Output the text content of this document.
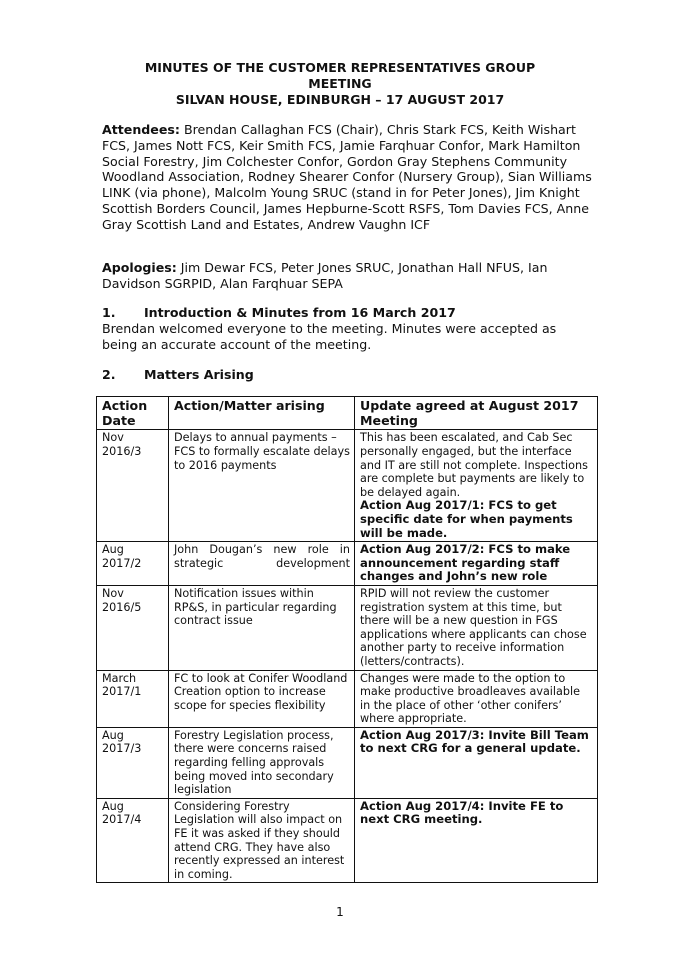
MINUTES OF THE CUSTOMER REPRESENTATIVES GROUP
MEETING
SILVAN HOUSE, EDINBURGH – 17 AUGUST 2017
Attendees: Brendan Callaghan FCS (Chair), Chris Stark FCS, Keith Wishart FCS, James Nott FCS, Keir Smith FCS, Jamie Farqhuar Confor, Mark Hamilton Social Forestry, Jim Colchester Confor, Gordon Gray Stephens Community Woodland Association, Rodney Shearer Confor (Nursery Group), Sian Williams LINK (via phone), Malcolm Young SRUC (stand in for Peter Jones), Jim Knight Scottish Borders Council, James Hepburne-Scott RSFS, Tom Davies FCS, Anne Gray Scottish Land and Estates, Andrew Vaughn ICF
Apologies: Jim Dewar FCS, Peter Jones SRUC, Jonathan Hall NFUS, Ian Davidson SGRPID, Alan Farqhuar SEPA
1. Introduction & Minutes from 16 March 2017
Brendan welcomed everyone to the meeting. Minutes were accepted as being an accurate account of the meeting.
2. Matters Arising
Action Date	Action/Matter arising	Update agreed at August 2017 Meeting
Nov 2016/3	Delays to annual payments – FCS to formally escalate delays to 2016 payments	This has been escalated, and Cab Sec personally engaged, but the interface and IT are still not complete. Inspections are complete but payments are likely to be delayed again.
Action Aug 2017/1: FCS to get specific date for when payments will be made.

Aug 2017/2	John Dougan’s new role in strategic development	Action Aug 2017/2: FCS to make announcement regarding staff changes and John’s new role

Nov 2016/5	Notification issues within RP&S, in particular regarding contract issue	RPID will not review the customer registration system at this time, but there will be a new question in FGS applications where applicants can chose another party to receive information (letters/contracts).

March 2017/1	FC to look at Conifer Woodland Creation option to increase scope for species flexibility	Changes were made to the option to make productive broadleaves available in the place of other ‘other conifers’ where appropriate.

Aug 2017/3	Forestry Legislation process, there were concerns raised regarding felling approvals being moved into secondary legislation	Action Aug 2017/3: Invite Bill Team to next CRG for a general update.

Aug 2017/4	Considering Forestry Legislation will also impact on FE it was asked if they should attend CRG. They have also recently expressed an interest in coming.	Action Aug 2017/4: Invite FE to next CRG meeting.
1
